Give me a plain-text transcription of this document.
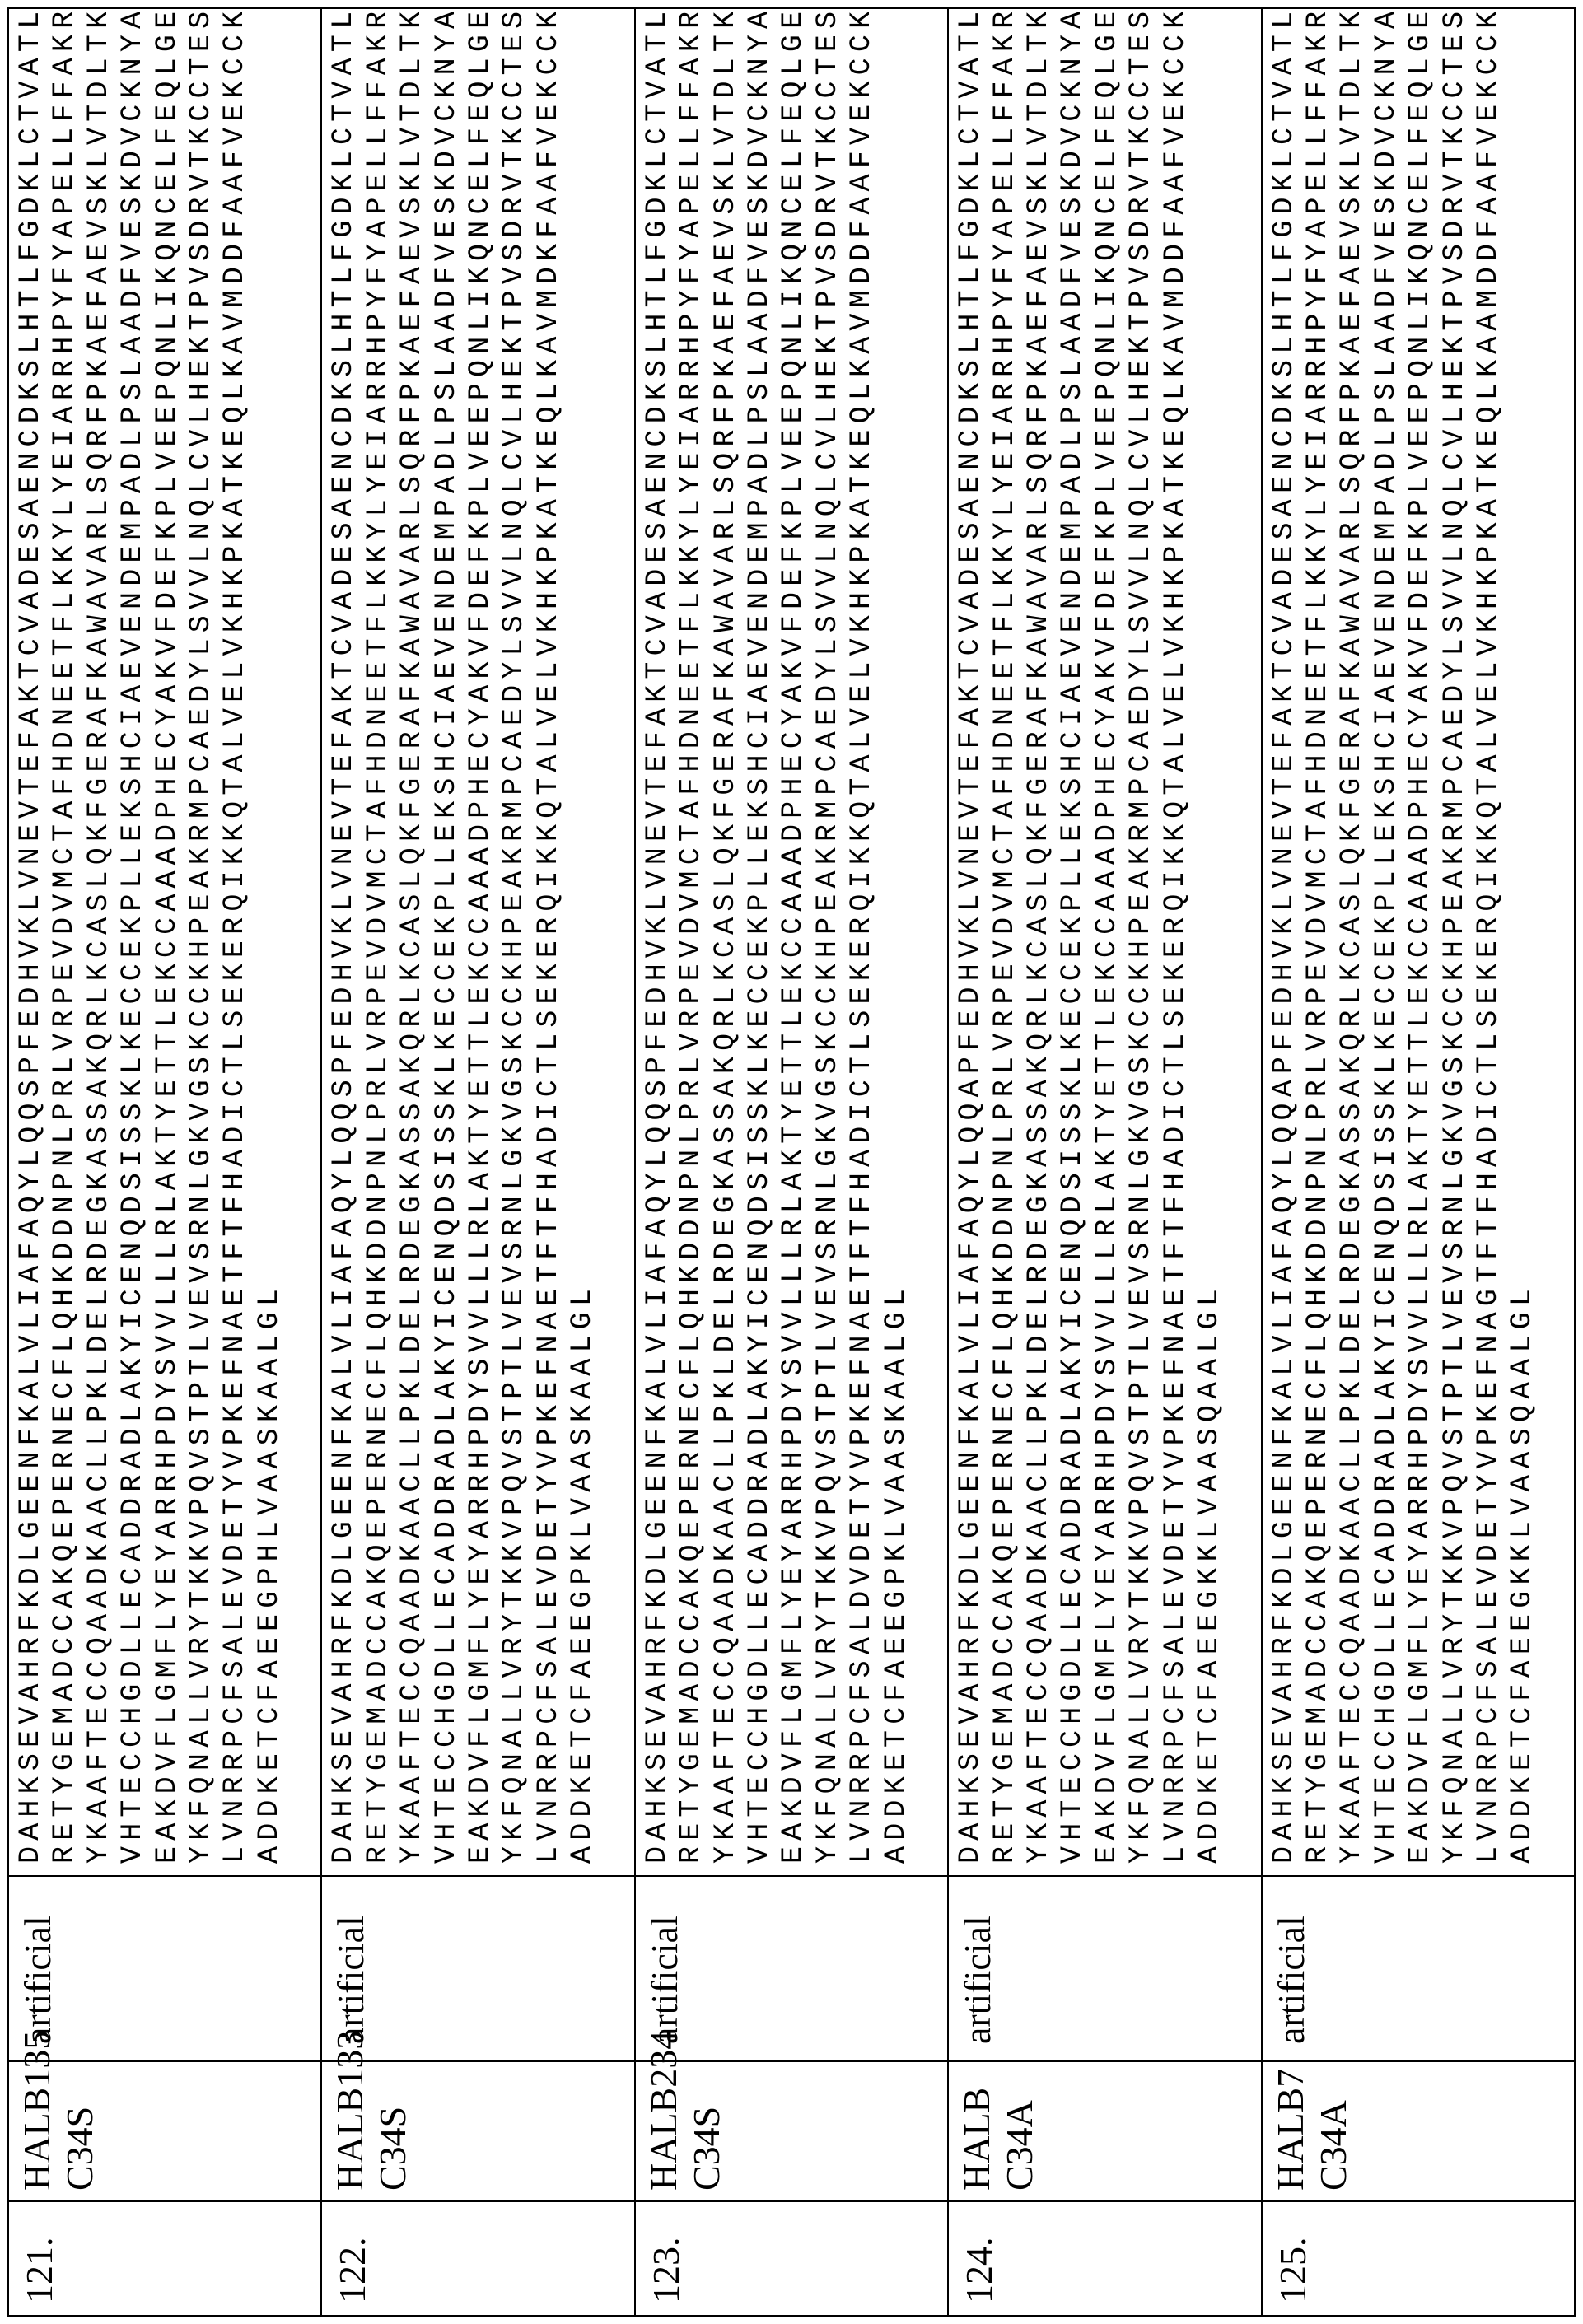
121.	
HALB135 C34S
	artificial	
DAHKSEVAHRFKDLGEENFKALVLIAFAQYLQQSPFEDHVKLVNEVTEFAKTCVADESAENCDKSLHTLFGDKLCTVATL RETYGEMADCCAKQEPERNECFLQHKDDNPNLPRLVRPEVDVMCTAFHDNEETFLKKYLYEIARRHPYFYAPELLFFAKR YKAAFTECCQAADKAACLLPKLDELRDEGKASSAKQRLKCASLQKFGERAFKAWAVARLSQRFPKAEFAEVSKLVTDLTK VHTECCHGDLLECADDRADLAKYICENQDSISSKLKECCEKPLLEKSHCIAEVENDEMPADLPSLAADFVESKDVCKNYA EAKDVFLGMFLYEYARRHPDYSVVLLLRLAKTYETTLEKCCAAADPHECYAKVFDEFKPLVEEPQNLIKQNCELFEQLGE YKFQNALLVRYTKKVPQVSTPTLVEVSRNLGKVGSKCCKHPEAKRMPCAEDYLSVVLNQLCVLHEKTPVSDRVTKCCTES LVNRRPCFSALEVDETYVPKEFNAETFTFHADICTLSEKERQIKKQTALVELVKHKPKATKEQLKAVMDDFAAFVEKCCK ADDKETCFAEEGPHLVAASKAALGL

122.	
HALB133 C34S
	artificial	
DAHKSEVAHRFKDLGEENFKALVLIAFAQYLQQSPFEDHVKLVNEVTEFAKTCVADESAENCDKSLHTLFGDKLCTVATL RETYGEMADCCAKQEPERNECFLQHKDDNPNLPRLVRPEVDVMCTAFHDNEETFLKKYLYEIARRHPYFYAPELLFFAKR YKAAFTECCQAADKAACLLPKLDELRDEGKASSAKQRLKCASLQKFGERAFKAWAVARLSQRFPKAEFAEVSKLVTDLTK VHTECCHGDLLECADDRADLAKYICENQDSISSKLKECCEKPLLEKSHCIAEVENDEMPADLPSLAADFVESKDVCKNYA EAKDVFLGMFLYEYARRHPDYSVVLLLRLAKTYETTLEKCCAAADPHECYAKVFDEFKPLVEEPQNLIKQNCELFEQLGE YKFQNALLVRYTKKVPQVSTPTLVEVSRNLGKVGSKCCKHPEAKRMPCAEDYLSVVLNQLCVLHEKTPVSDRVTKCCTES LVNRRPCFSALEVDETYVPKEFNAETFTFHADICTLSEKERQIKKQTALVELVKHKPKATKEQLKAVMDKFAAFVEKCCK ADDKETCFAEEGPKLVAASKAALGL

123.	
HALB234 C34S
	artificial	
DAHKSEVAHRFKDLGEENFKALVLIAFAQYLQQSPFEDHVKLVNEVTEFAKTCVADESAENCDKSLHTLFGDKLCTVATL RETYGEMADCCAKQEPERNECFLQHKDDNPNLPRLVRPEVDVMCTAFHDNEETFLKKYLYEIARRHPYFYAPELLFFAKR YKAAFTECCQAADKAACLLPKLDELRDEGKASSAKQRLKCASLQKFGERAFKAWAVARLSQRFPKAEFAEVSKLVTDLTK VHTECCHGDLLECADDRADLAKYICENQDSISSKLKECCEKPLLEKSHCIAEVENDEMPADLPSLAADFVESKDVCKNYA EAKDVFLGMFLYEYARRHPDYSVVLLLRLAKTYETTLEKCCAAADPHECYAKVFDEFKPLVEEPQNLIKQNCELFEQLGE YKFQNALLVRYTKKVPQVSTPTLVEVSRNLGKVGSKCCKHPEAKRMPCAEDYLSVVLNQLCVLHEKTPVSDRVTKCCTES LVNRRPCFSALDVDETYVPKEFNAETFTFHADICTLSEKERQIKKQTALVELVKHKPKATKEQLKAVMDDFAAFVEKCCK ADDKETCFAEEGPKLVAASKAALGL

124.	
HALB C34A
	artificial	
DAHKSEVAHRFKDLGEENFKALVLIAFAQYLQQAPFEDHVKLVNEVTEFAKTCVADESAENCDKSLHTLFGDKLCTVATL RETYGEMADCCAKQEPERNECFLQHKDDNPNLPRLVRPEVDVMCTAFHDNEETFLKKYLYEIARRHPYFYAPELLFFAKR YKAAFTECCQAADKAACLLPKLDELRDEGKASSAKQRLKCASLQKFGERAFKAWAVARLSQRFPKAEFAEVSKLVTDLTK VHTECCHGDLLECADDRADLAKYICENQDSISSKLKECCEKPLLEKSHCIAEVENDEMPADLPSLAADFVESKDVCKNYA EAKDVFLGMFLYEYARRHPDYSVVLLLRLAKTYETTLEKCCAAADPHECYAKVFDEFKPLVEEPQNLIKQNCELFEQLGE YKFQNALLVRYTKKVPQVSTPTLVEVSRNLGKVGSKCCKHPEAKRMPCAEDYLSVVLNQLCVLHEKTPVSDRVTKCCTES LVNRRPCFSALEVDETYVPKEFNAETFTFHADICTLSEKERQIKKQTALVELVKHKPKATKEQLKAVMDDFAAFVEKCCK ADDKETCFAEEGKKLVAASQAALGL

125.	
HALB7 C34A
	artificial	
DAHKSEVAHRFKDLGEENFKALVLIAFAQYLQQAPFEDHVKLVNEVTEFAKTCVADESAENCDKSLHTLFGDKLCTVATL RETYGEMADCCAKQEPERNECFLQHKDDNPNLPRLVRPEVDVMCTAFHDNEETFLKKYLYEIARRHPYFYAPELLFFAKR YKAAFTECCQAADKAACLLPKLDELRDEGKASSAKQRLKCASLQKFGERAFKAWAVARLSQRFPKAEFAEVSKLVTDLTK VHTECCHGDLLECADDRADLAKYICENQDSISSKLKECCEKPLLEKSHCIAEVENDEMPADLPSLAADFVESKDVCKNYA EAKDVFLGMFLYEYARRHPDYSVVLLLRLAKTYETTLEKCCAAADPHECYAKVFDEFKPLVEEPQNLIKQNCELFEQLGE YKFQNALLVRYTKKVPQVSTPTLVEVSRNLGKVGSKCCKHPEAKRMPCAEDYLSVVLNQLCVLHEKTPVSDRVTKCCTES LVNRRPCFSALEVDETYVPKEFNAGTFTFHADICTLSEKERQIKKQTALVELVKHKPKATKEQLKAAMDDFAAFVEKCCK ADDKETCFAEEGKKLVAASQAALGL
